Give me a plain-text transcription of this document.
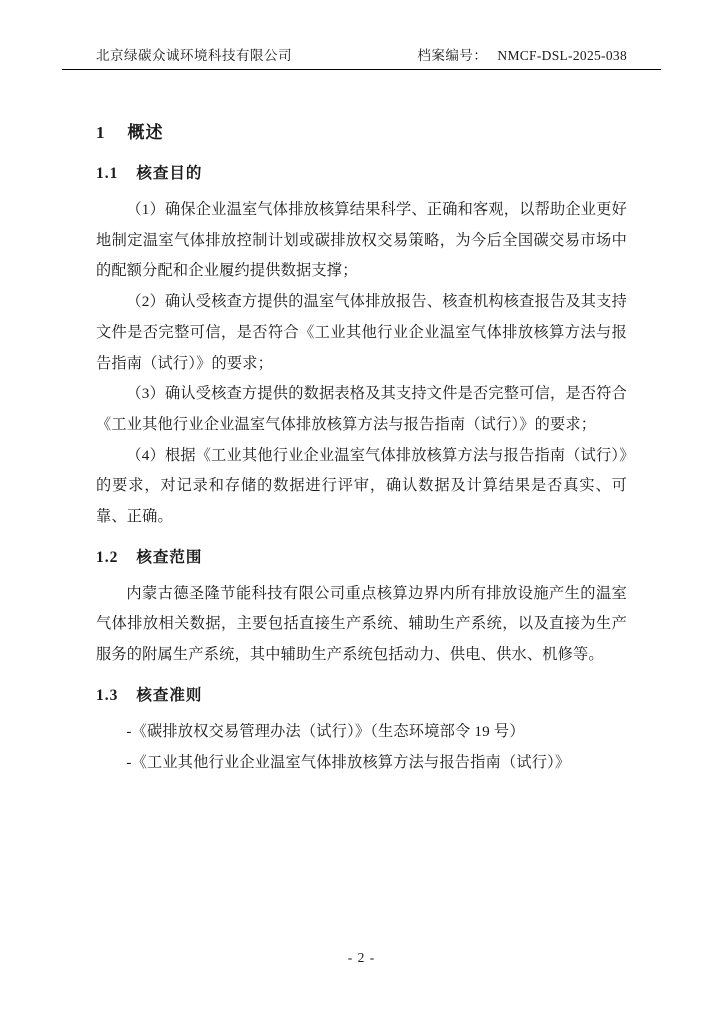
北京绿碳众诚环境科技有限公司	档案编号： NMCF-DSL-2025-038
1 概述
1.1 核查目的

（1）确保企业温室气体排放核算结果科学、正确和客观，以帮助企业更好地制定温室气体排放控制计划或碳排放权交易策略，为今后全国碳交易市场中的配额分配和企业履约提供数据支撑；

（2）确认受核查方提供的温室气体排放报告、核查机构核查报告及其支持文件是否完整可信，是否符合《工业其他行业企业温室气体排放核算方法与报告指南（试行）》的要求；

（3）确认受核查方提供的数据表格及其支持文件是否完整可信，是否符合《工业其他行业企业温室气体排放核算方法与报告指南（试行）》的要求；

（4）根据《工业其他行业企业温室气体排放核算方法与报告指南（试行）》的要求，对记录和存储的数据进行评审，确认数据及计算结果是否真实、可靠、正确。

1.2 核查范围

内蒙古德圣隆节能科技有限公司重点核算边界内所有排放设施产生的温室气体排放相关数据，主要包括直接生产系统、辅助生产系统，以及直接为生产服务的附属生产系统，其中辅助生产系统包括动力、供电、供水、机修等。

1.3 核查准则

-《碳排放权交易管理办法（试行）》（生态环境部令 19 号）

-《工业其他行业企业温室气体排放核算方法与报告指南（试行）》

- 2 -
